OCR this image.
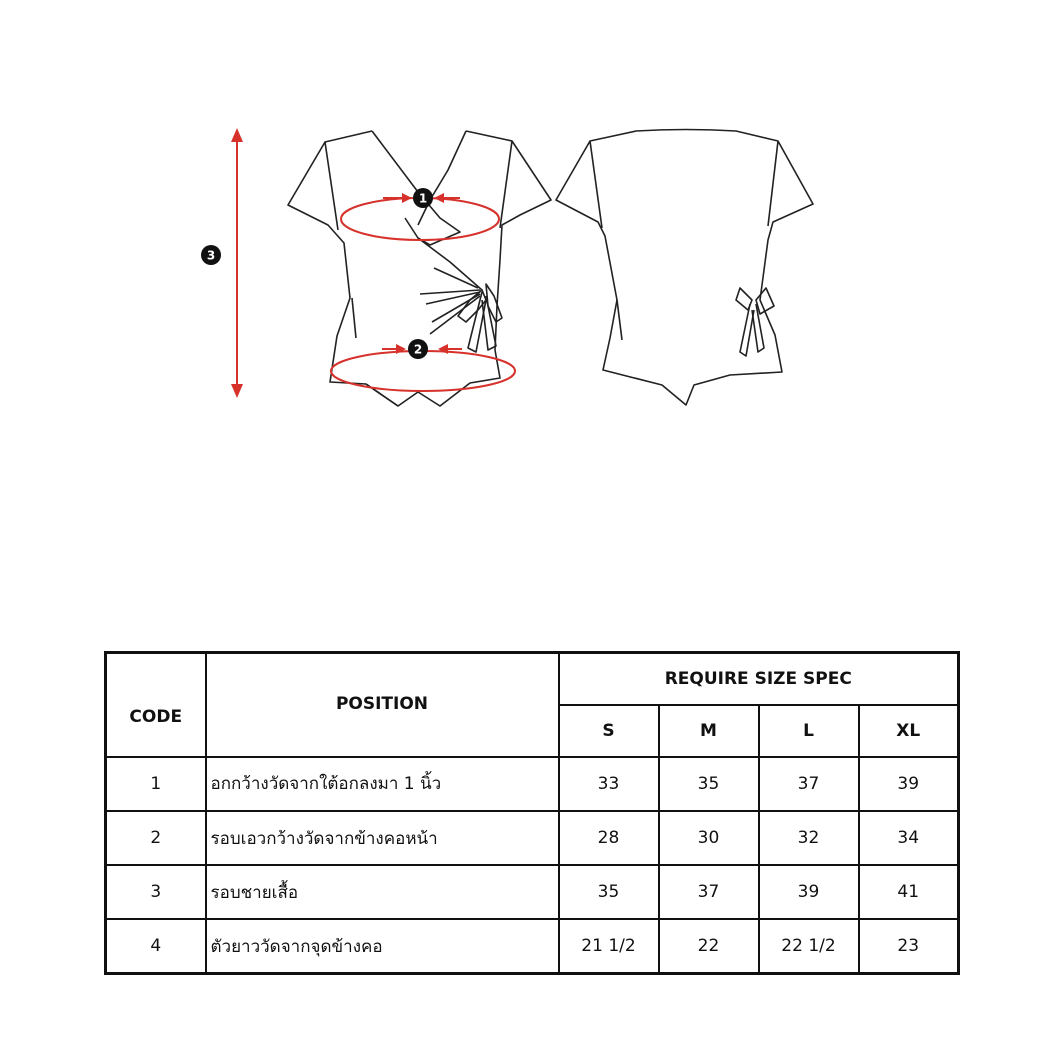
3
1
2
CODE	POSITION	REQUIRE SIZE SPEC			
		S	M	L	XL
1	อกกว้างวัดจากใต้อกลงมา 1 นิ้ว	33	35	37	39
2	รอบเอวกว้างวัดจากข้างคอหน้า	28	30	32	34
3	รอบชายเสื้อ	35	37	39	41
4	ตัวยาววัดจากจุดข้างคอ	21 1/2	22	22 1/2	23
